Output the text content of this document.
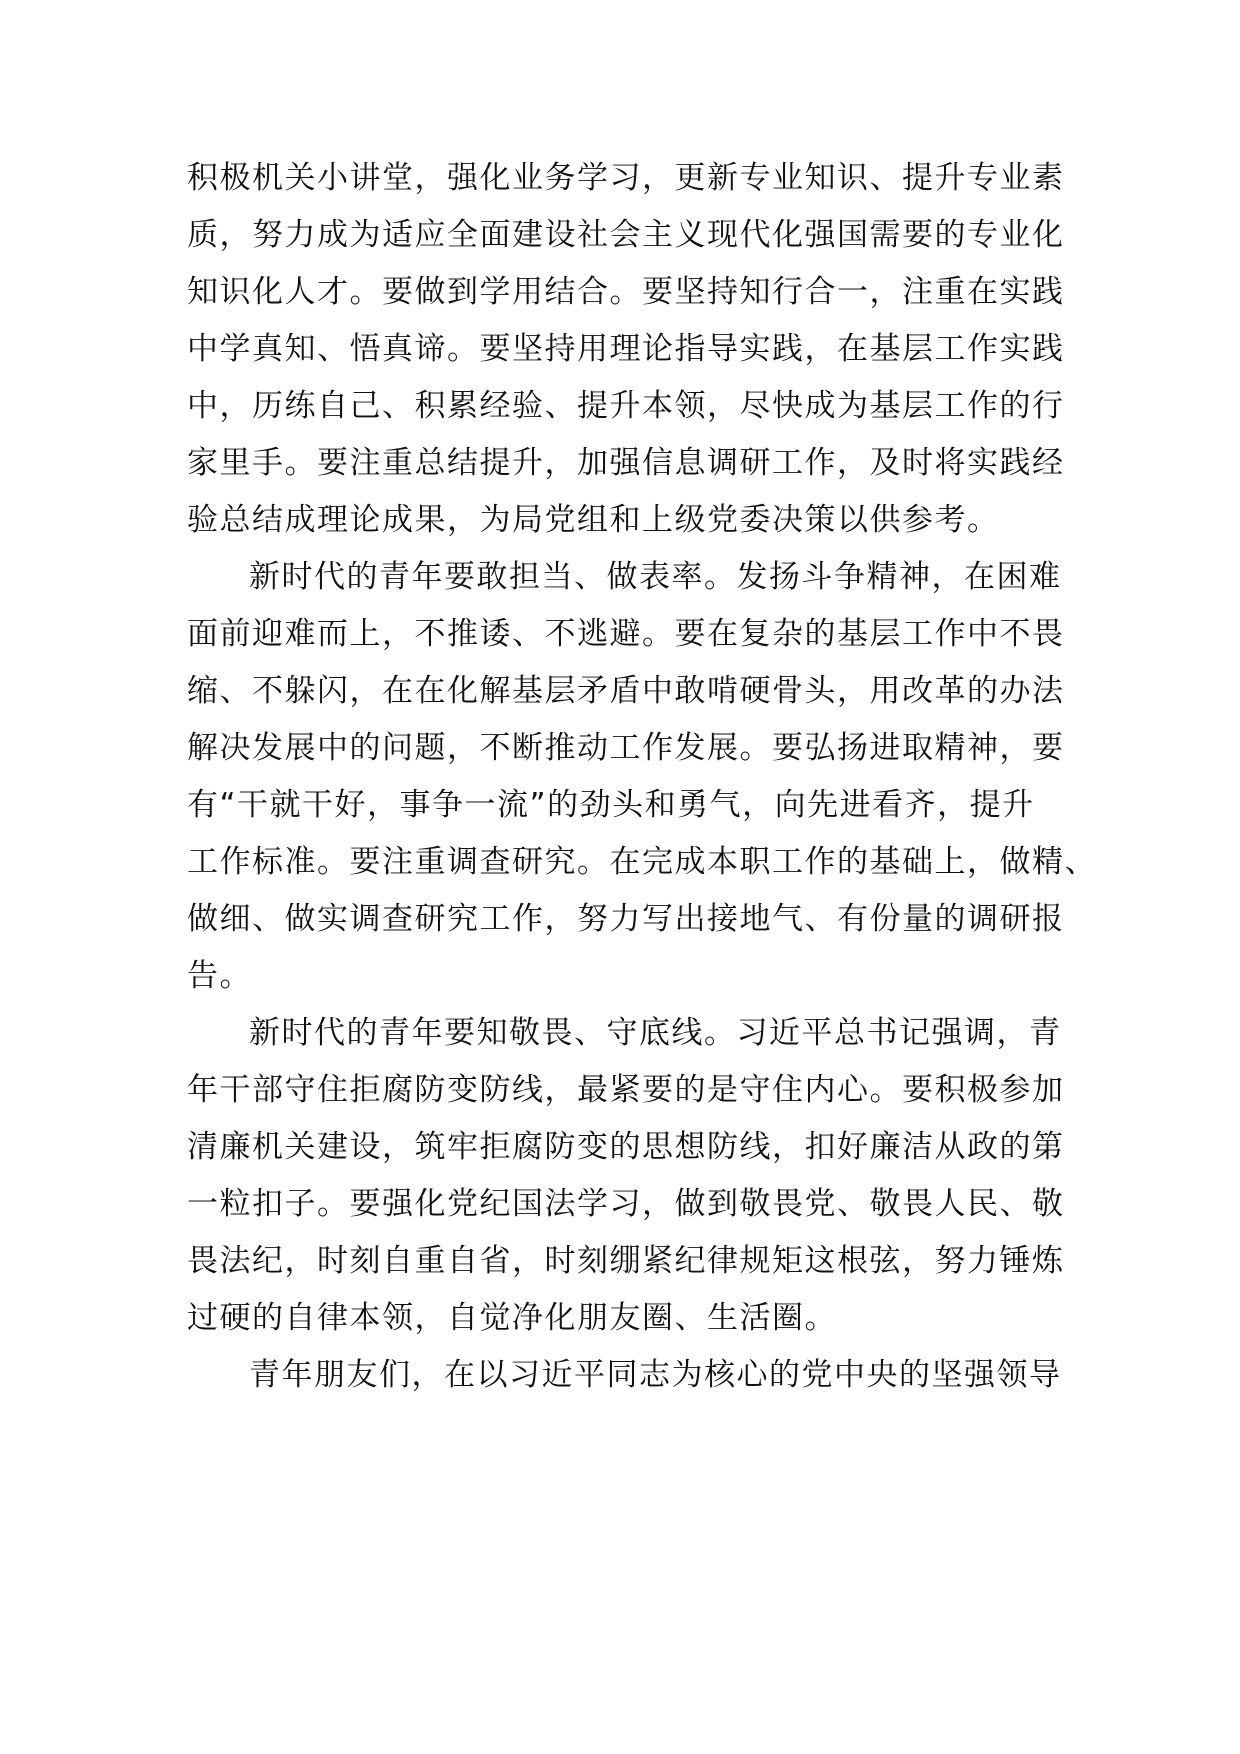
积极机关小讲堂，强化业务学习，更新专业知识、提升专业素

质，努力成为适应全面建设社会主义现代化强国需要的专业化

知识化人才。要做到学用结合。要坚持知行合一，注重在实践

中学真知、悟真谛。要坚持用理论指导实践，在基层工作实践

中，历练自己、积累经验、提升本领，尽快成为基层工作的行

家里手。要注重总结提升，加强信息调研工作，及时将实践经

验总结成理论成果，为局党组和上级党委决策以供参考。

新时代的青年要敢担当、做表率。发扬斗争精神，在困难

面前迎难而上，不推诿、不逃避。要在复杂的基层工作中不畏

缩、不躲闪，在在化解基层矛盾中敢啃硬骨头，用改革的办法

解决发展中的问题，不断推动工作发展。要弘扬进取精神，要

有“干就干好，事争一流”的劲头和勇气，向先进看齐，提升

工作标准。要注重调查研究。在完成本职工作的基础上，做精、

做细、做实调查研究工作，努力写出接地气、有份量的调研报

告。

新时代的青年要知敬畏、守底线。习近平总书记强调，青

年干部守住拒腐防变防线，最紧要的是守住内心。要积极参加

清廉机关建设，筑牢拒腐防变的思想防线，扣好廉洁从政的第

一粒扣子。要强化党纪国法学习，做到敬畏党、敬畏人民、敬

畏法纪，时刻自重自省，时刻绷紧纪律规矩这根弦，努力锤炼

过硬的自律本领，自觉净化朋友圈、生活圈。

青年朋友们，在以习近平同志为核心的党中央的坚强领导
